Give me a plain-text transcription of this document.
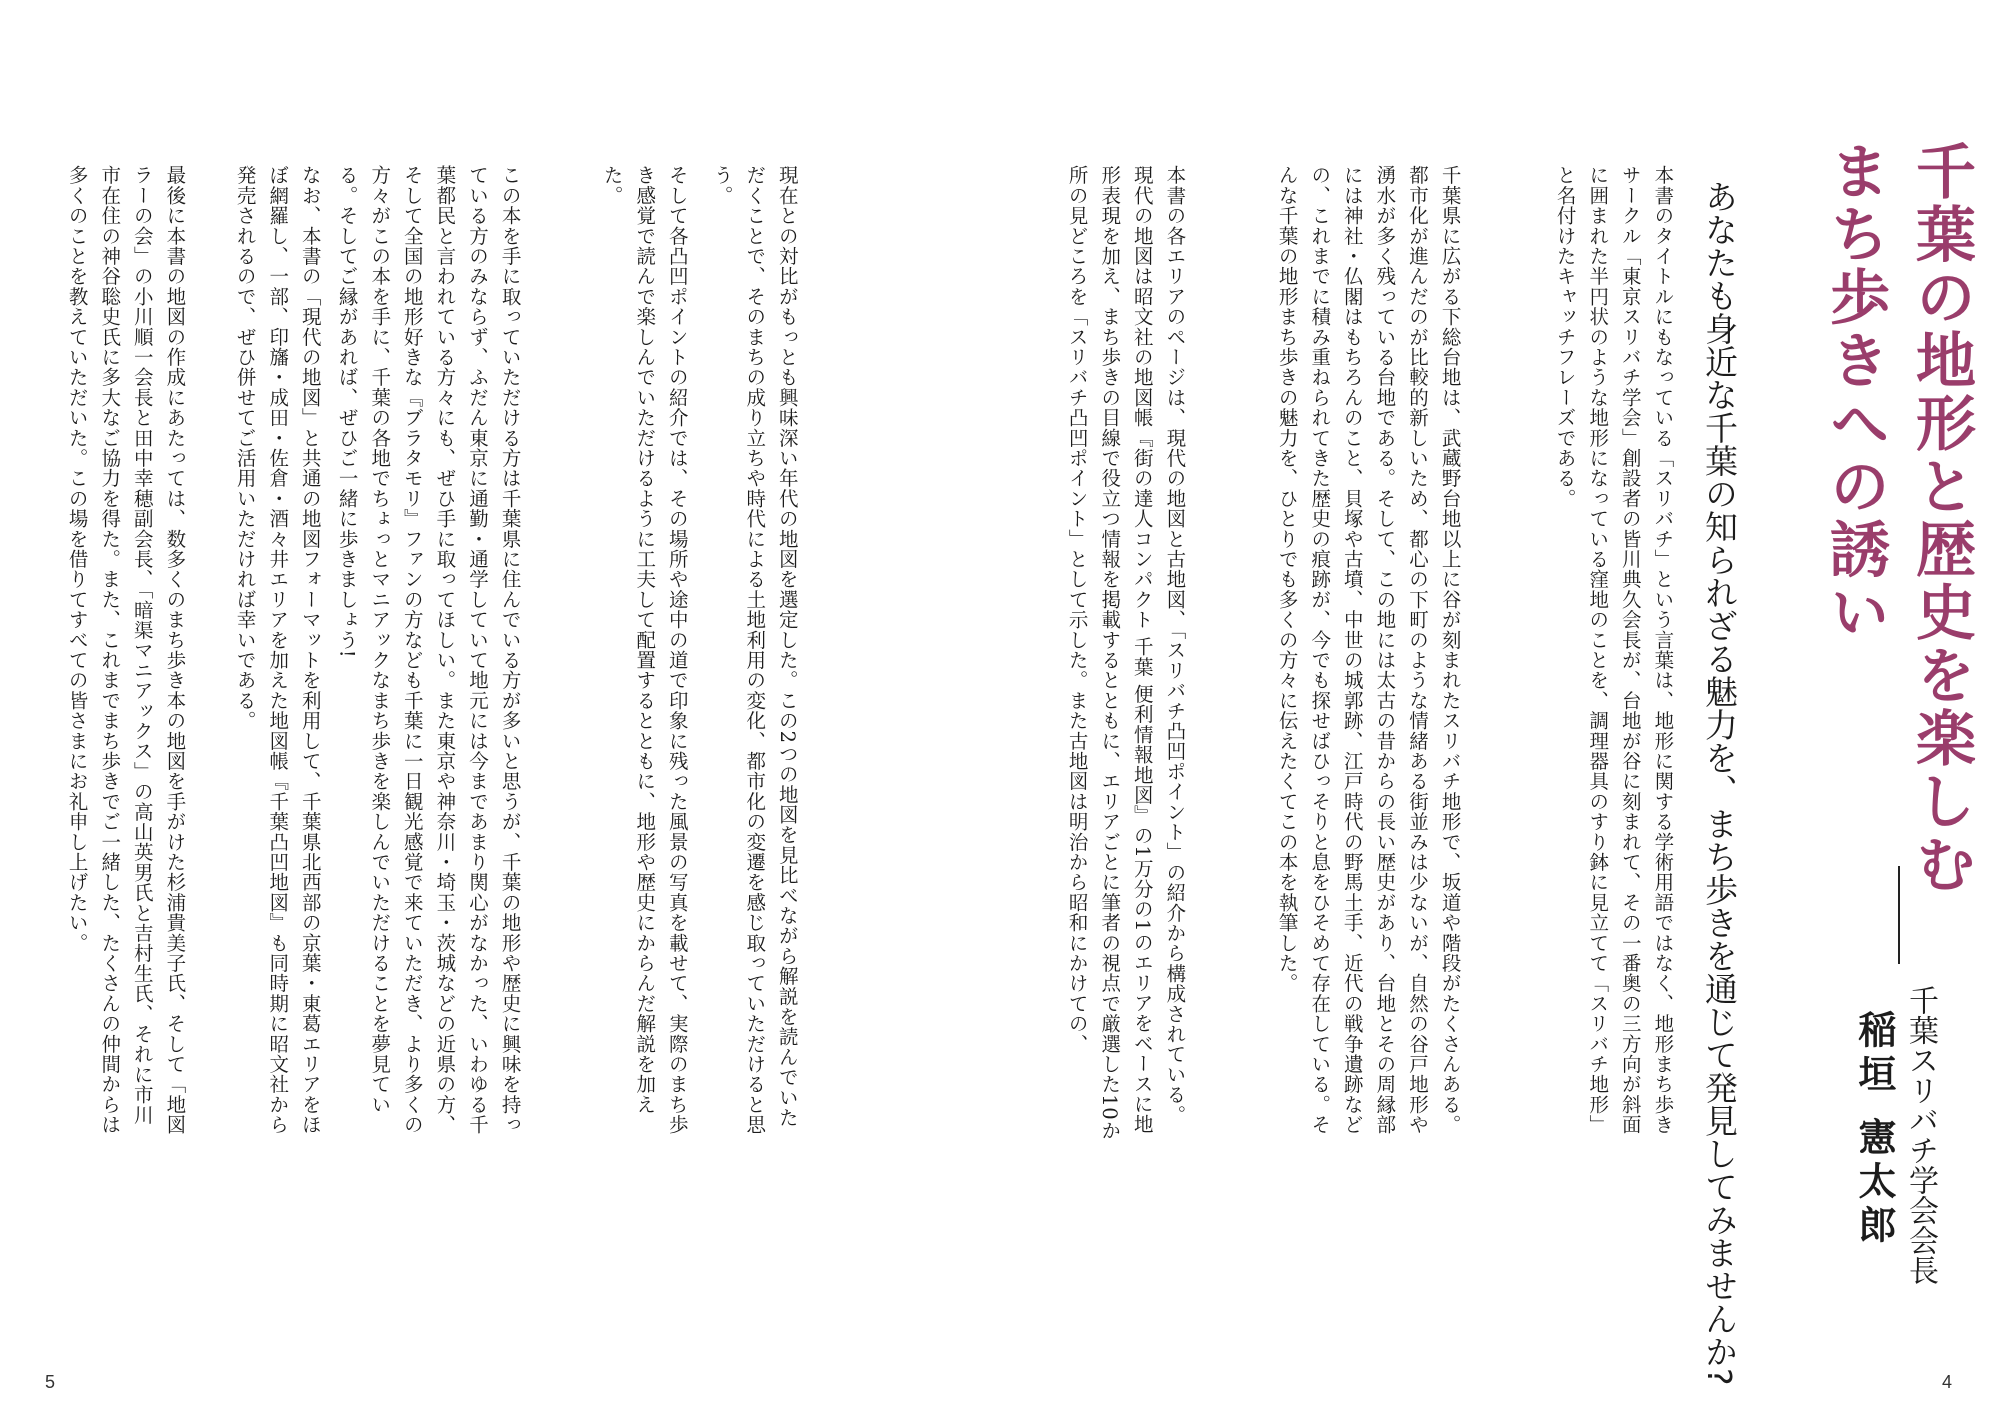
現在との対比がもっとも興味深い年代の地図を選定した。この2つの地図を見比べながら解説を読んでいただくことで、そのまちの成り立ちや時代による土地利用の変化、都市化の変遷を感じ取っていただけると思う。
そして各凸凹ポイントの紹介では、その場所や途中の道で印象に残った風景の写真を載せて、実際のまち歩き感覚で読んで楽しんでいただけるように工夫して配置するとともに、地形や歴史にからんだ解説を加えた。
この本を手に取っていただける方は千葉県に住んでいる方が多いと思うが、千葉の地形や歴史に興味を持っている方のみならず、ふだん東京に通勤・通学していて地元には今まであまり関心がなかった、いわゆる千葉都民と言われている方々にも、ぜひ手に取ってほしい。また東京や神奈川・埼玉・茨城などの近県の方、そして全国の地形好きな『ブラタモリ』ファンの方なども千葉に一日観光感覚で来ていただき、より多くの方々がこの本を手に、千葉の各地でちょっとマニアックなまち歩きを楽しんでいただけることを夢見ている。そしてご縁があれば、ぜひご一緒に歩きましょう!
なお、本書の「現代の地図」と共通の地図フォーマットを利用して、千葉県北西部の京葉・東葛エリアをほぼ網羅し、一部、印旛・成田・佐倉・酒々井エリアを加えた地図帳『千葉凸凹地図』も同時期に昭文社から発売されるので、ぜひ併せてご活用いただければ幸いである。
最後に本書の地図の作成にあたっては、数多くのまち歩き本の地図を手がけた杉浦貴美子氏、そして「地図ラーの会」の小川順一会長と田中幸穂副会長、「暗渠マニアックス」の高山英男氏と吉村生氏、それに市川市在住の神谷聡史氏に多大なご協力を得た。また、これまでまち歩きでご一緒した、たくさんの仲間からは多くのことを教えていただいた。この場を借りてすべての皆さまにお礼申し上げたい。
5
千葉の地形と歴史を楽しむ
まち歩きへの誘い
あなたも身近な千葉の知られざる魅力を、まち歩きを通じて発見してみませんか?	千葉スリバチ学会会長
稲垣 憲太郎
本書のタイトルにもなっている「スリバチ」という言葉は、地形に関する学術用語ではなく、地形まち歩きサークル「東京スリバチ学会」創設者の皆川典久会長が、台地が谷に刻まれて、その一番奥の三方向が斜面に囲まれた半円状のような地形になっている窪地のことを、調理器具のすり鉢に見立てて「スリバチ地形」と名付けたキャッチフレーズである。
千葉県に広がる下総台地は、武蔵野台地以上に谷が刻まれたスリバチ地形で、坂道や階段がたくさんある。都市化が進んだのが比較的新しいため、都心の下町のような情緒ある街並みは少ないが、自然の谷戸地形や湧水が多く残っている台地である。そして、この地には太古の昔からの長い歴史があり、台地とその周縁部には神社・仏閣はもちろんのこと、貝塚や古墳、中世の城郭跡、江戸時代の野馬土手、近代の戦争遺跡などの、これまでに積み重ねられてきた歴史の痕跡が、今でも探せばひっそりと息をひそめて存在している。そんな千葉の地形まち歩きの魅力を、ひとりでも多くの方々に伝えたくてこの本を執筆した。
本書の各エリアのページは、現代の地図と古地図、「スリバチ凸凹ポイント」の紹介から構成されている。現代の地図は昭文社の地図帳『街の達人コンパクト 千葉 便利情報地図』の1万分の1のエリアをベースに地形表現を加え、まち歩きの目線で役立つ情報を掲載するとともに、エリアごとに筆者の視点で厳選した10か所の見どころを「スリバチ凸凹ポイント」として示した。また古地図は明治から昭和にかけての、
4
